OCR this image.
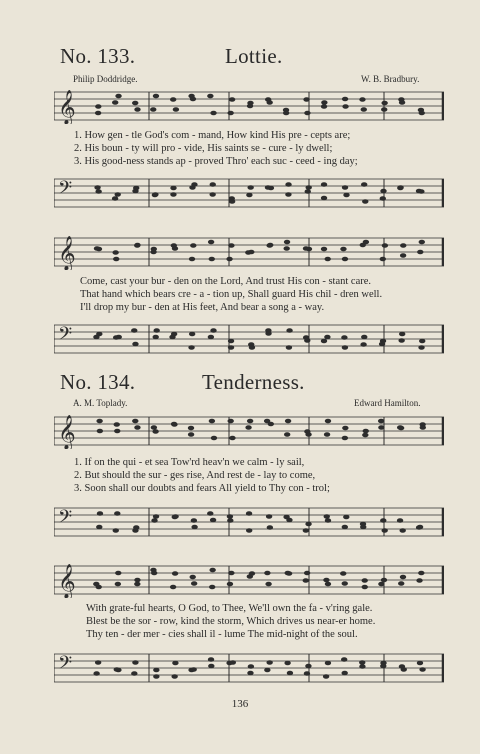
No. 133.	Lottie.
Philip Doddridge.	W. B. Bradbury.
𝄞
1. How gen - tle God's com - mand, How kind His pre - cepts are;
2. His boun - ty will pro - vide, His saints se - cure - ly dwell;
3. His good-ness stands ap - proved Thro' each suc - ceed - ing day;
𝄢
𝄞
Come, cast your bur - den on the Lord, And trust His con - stant care.
That hand which bears cre - a - tion up, Shall guard His chil - dren well.
I'll drop my bur - den at His feet, And bear a song a - way.
𝄢
No. 134.	Tenderness.
A. M. Toplady.	Edward Hamilton.
𝄞
1. If on the qui - et sea Tow'rd heav'n we calm - ly sail,
2. But should the sur - ges rise, And rest de - lay to come,
3. Soon shall our doubts and fears All yield to Thy con - trol;
𝄢
𝄞
With grate-ful hearts, O God, to Thee, We'll own the fa - v'ring gale.
Blest be the sor - row, kind the storm, Which drives us near-er home.
Thy ten - der mer - cies shall il - lume The mid-night of the soul.
𝄢
136
